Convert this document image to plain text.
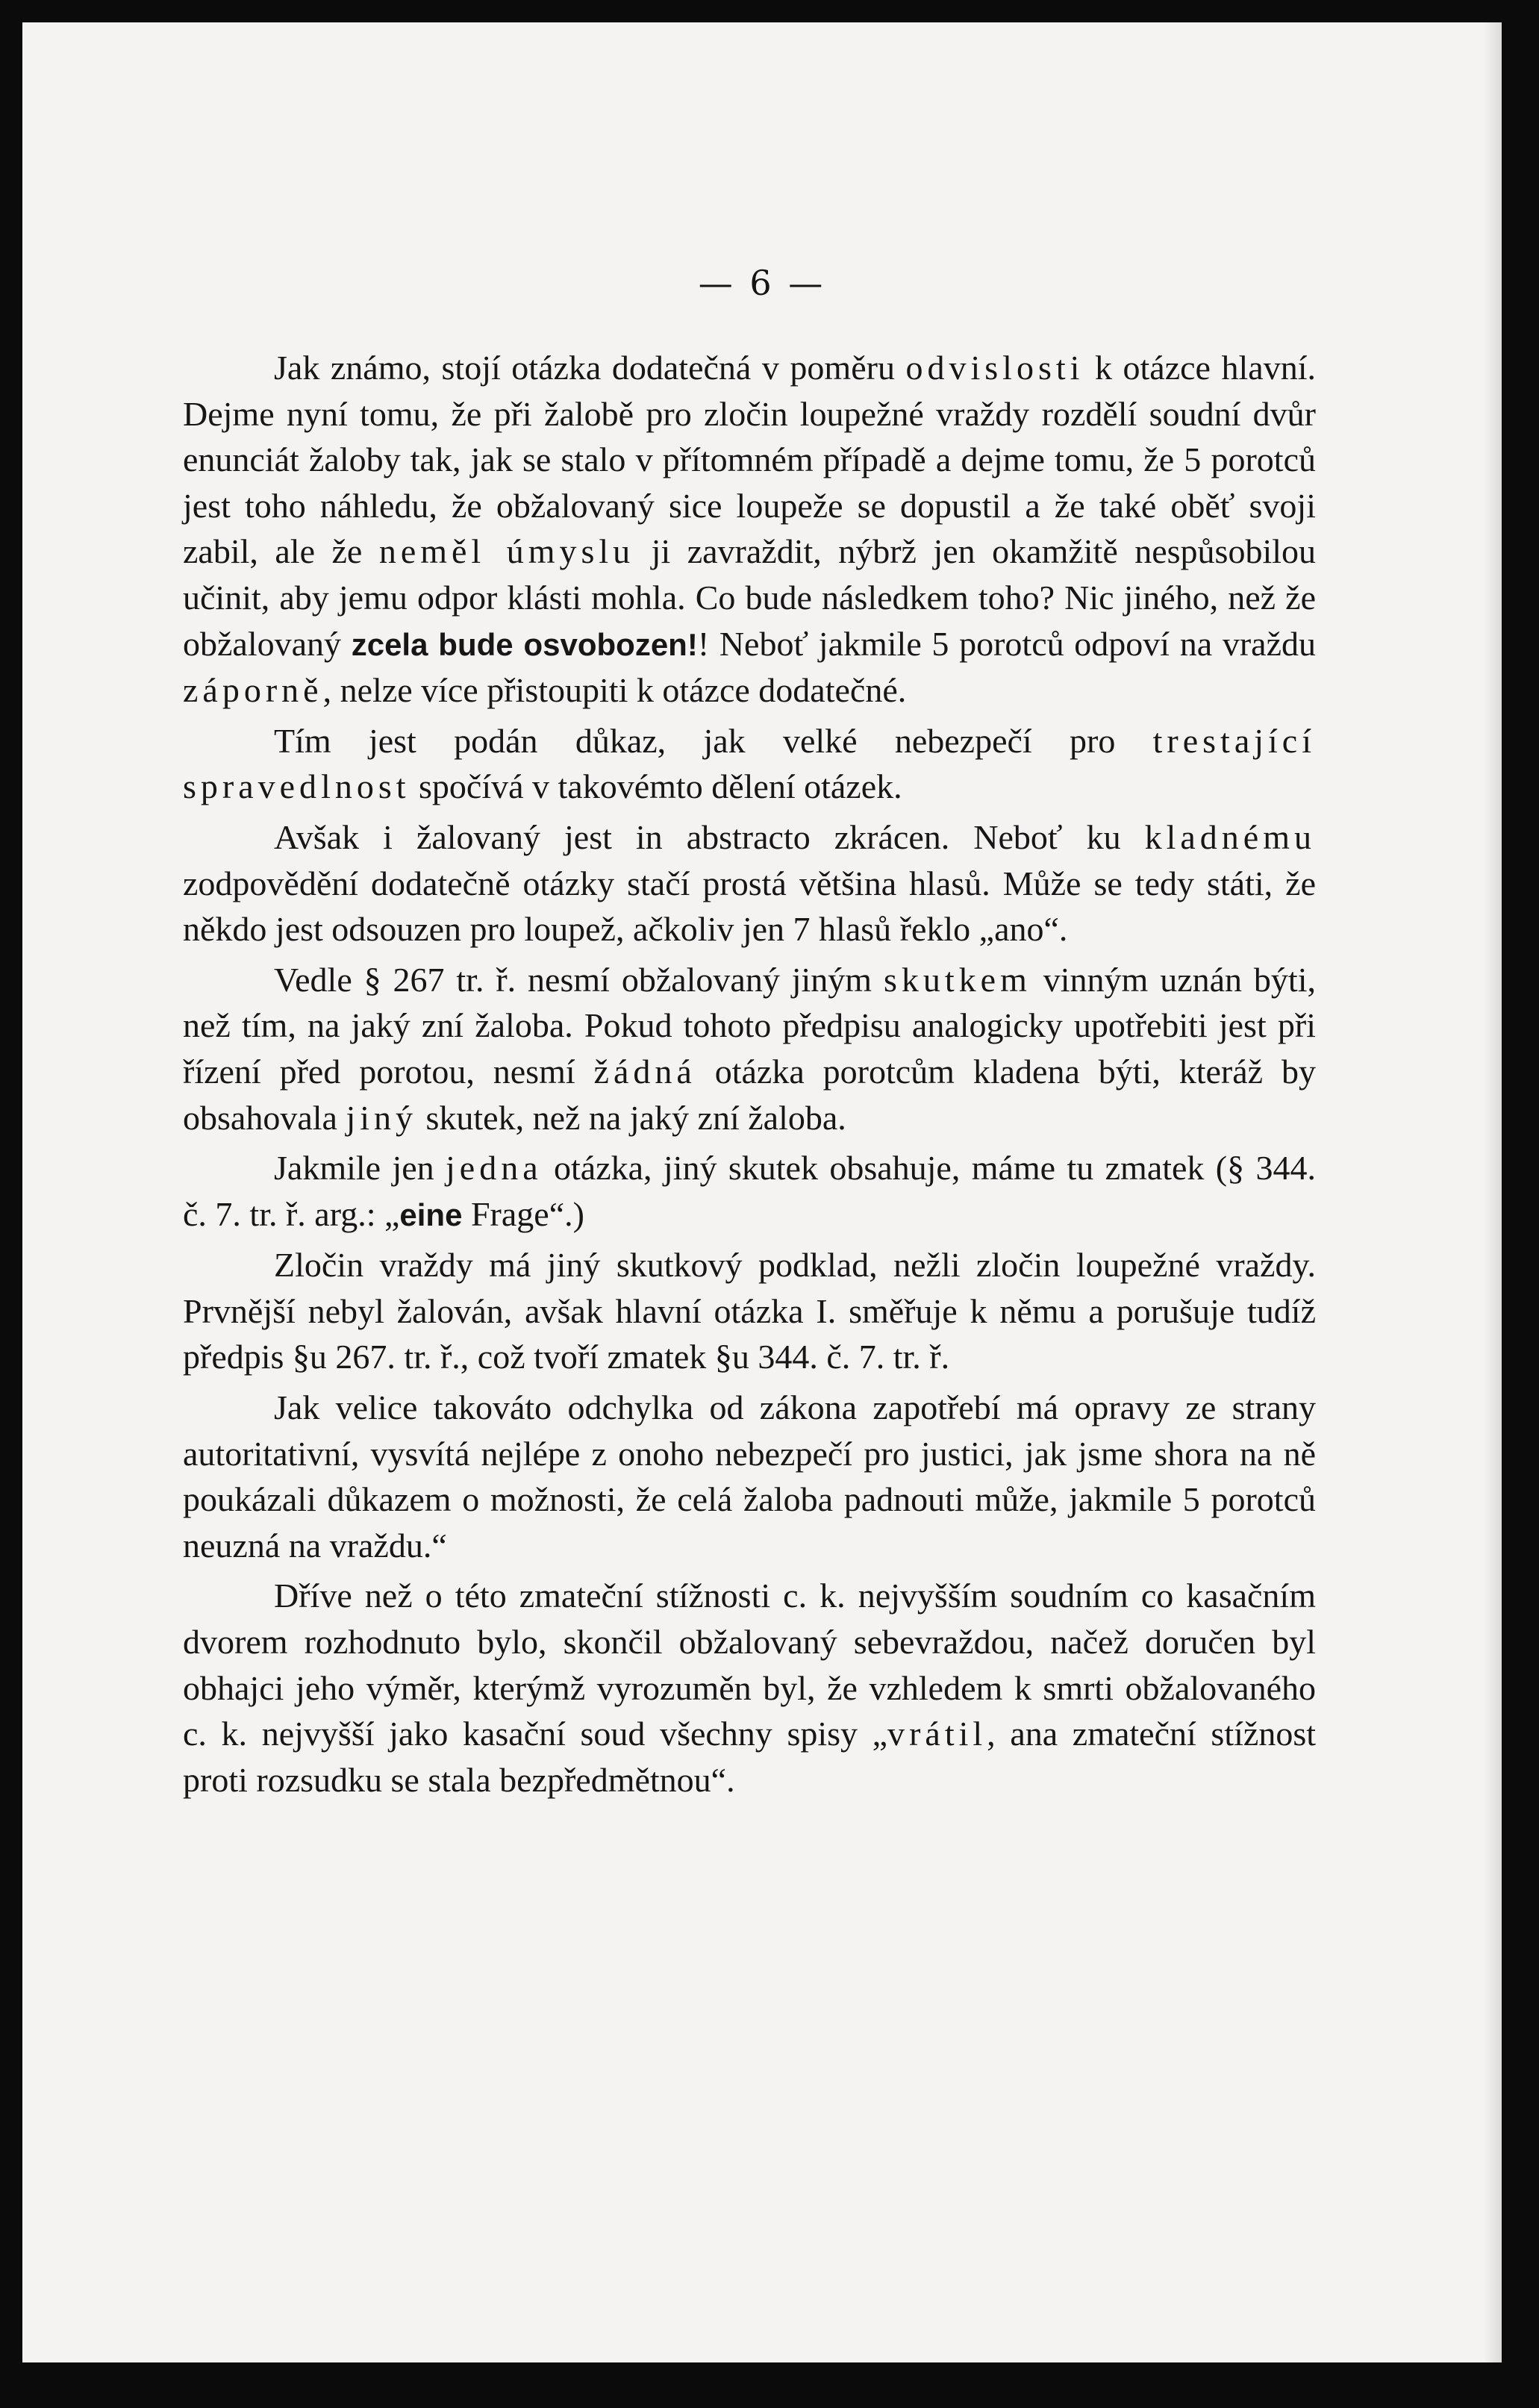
— 6 —

Jak známo, stojí otázka dodatečná v poměru odvislosti k otázce hlavní. Dejme nyní tomu, že při žalobě pro zločin loupežné vraždy rozdělí soudní dvůr enunciát žaloby tak, jak se stalo v přítomném případě a dejme tomu, že 5 porotců jest toho náhledu, že obžalovaný sice loupeže se dopustil a že také oběť svoji zabil, ale že neměl úmyslu ji zavraždit, nýbrž jen okamžitě nespůsobilou učinit, aby jemu odpor klásti mohla. Co bude následkem toho? Nic jiného, než že obžalovaný zcela bude osvobozen!! Neboť jakmile 5 porotců odpoví na vraždu záporně, nelze více přistoupiti k otázce dodatečné.

Tím jest podán důkaz, jak velké nebezpečí pro trestající spravedlnost spočívá v takovémto dělení otázek.

Avšak i žalovaný jest in abstracto zkrácen. Neboť ku kladnému zodpovědění dodatečně otázky stačí prostá většina hlasů. Může se tedy státi, že někdo jest odsouzen pro loupež, ačkoliv jen 7 hlasů řeklo „ano“.

Vedle § 267 tr. ř. nesmí obžalovaný jiným skutkem vinným uznán býti, než tím, na jaký zní žaloba. Pokud tohoto předpisu analogicky upotřebiti jest při řízení před porotou, nesmí žádná otázka porotcům kladena býti, kteráž by obsahovala jiný skutek, než na jaký zní žaloba.

Jakmile jen jedna otázka, jiný skutek obsahuje, máme tu zmatek (§ 344. č. 7. tr. ř. arg.: „eine Frage“.)

Zločin vraždy má jiný skutkový podklad, nežli zločin loupežné vraždy. Prvnější nebyl žalován, avšak hlavní otázka I. směřuje k němu a porušuje tudíž předpis §u 267. tr. ř., což tvoří zmatek §u 344. č. 7. tr. ř.

Jak velice takováto odchylka od zákona zapotřebí má opravy ze strany autoritativní, vysvítá nejlépe z onoho nebezpečí pro justici, jak jsme shora na ně poukázali důkazem o možnosti, že celá žaloba padnouti může, jakmile 5 porotců neuzná na vraždu.“

Dříve než o této zmateční stížnosti c. k. nejvyšším soudním co kasačním dvorem rozhodnuto bylo, skončil obžalovaný sebevraždou, načež doručen byl obhajci jeho výměr, kterýmž vyrozuměn byl, že vzhledem k smrti obžalovaného c. k. nejvyšší jako kasační soud všechny spisy „vrátil, ana zmateční stížnost proti rozsudku se stala bezpředmětnou“.
